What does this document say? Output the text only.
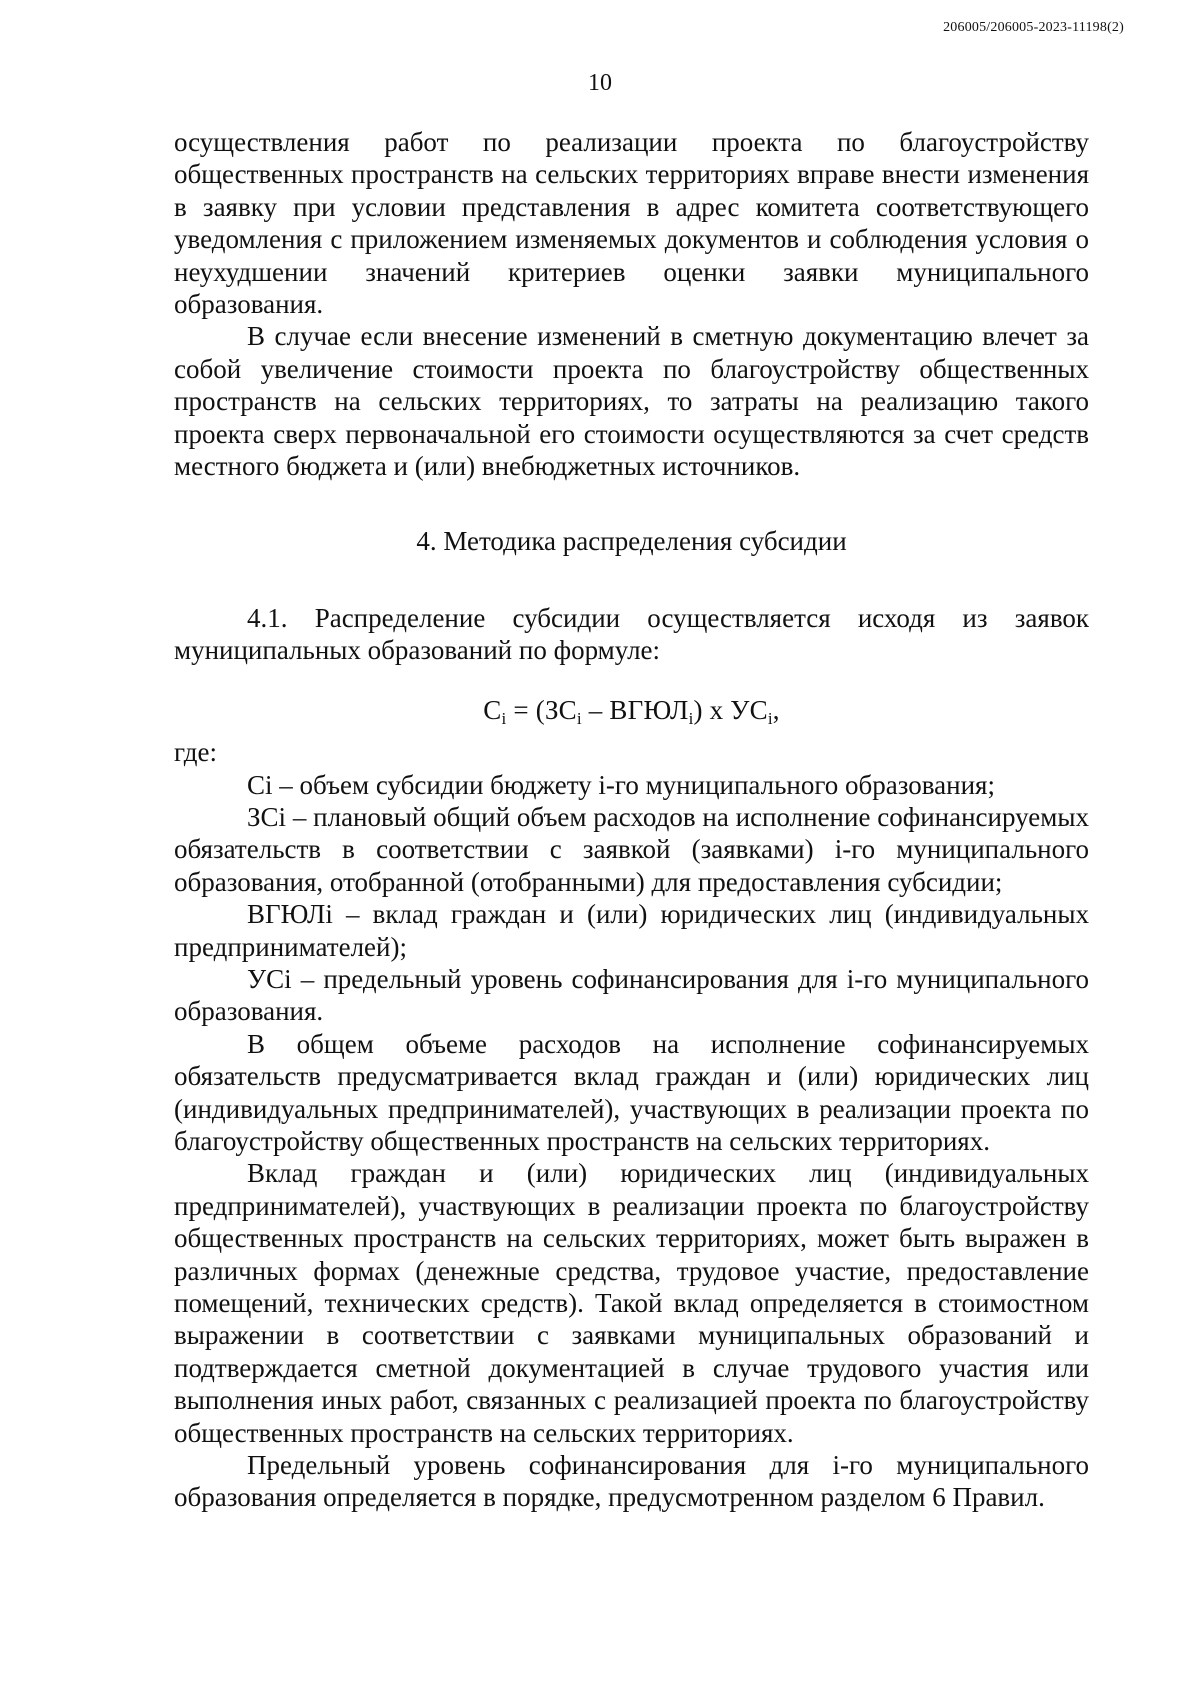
206005/206005-2023-11198(2)
10

осуществления работ по реализации проекта по благоустройству общественных пространств на сельских территориях вправе внести изменения в заявку при условии представления в адрес комитета соответствующего уведомления с приложением изменяемых документов и соблюдения условия о неухудшении значений критериев оценки заявки муниципального образования.

В случае если внесение изменений в сметную документацию влечет за собой увеличение стоимости проекта по благоустройству общественных пространств на сельских территориях, то затраты на реализацию такого проекта сверх первоначальной его стоимости осуществляются за счет средств местного бюджета и (или) внебюджетных источников.

4. Методика распределения субсидии

4.1. Распределение субсидии осуществляется исходя из заявок муниципальных образований по формуле:

$C_i = (ЗС_i$ – $ВГЮЛ_i$) х $УС_i$,

где:

Сi – объем субсидии бюджету i-го муниципального образования;

ЗСi – плановый общий объем расходов на исполнение софинансируемых обязательств в соответствии с заявкой (заявками) i-го муниципального образования, отобранной (отобранными) для предоставления субсидии;

ВГЮЛi – вклад граждан и (или) юридических лиц (индивидуальных предпринимателей);

УСi – предельный уровень софинансирования для i-го муниципального образования.

В общем объеме расходов на исполнение софинансируемых обязательств предусматривается вклад граждан и (или) юридических лиц (индивидуальных предпринимателей), участвующих в реализации проекта по благоустройству общественных пространств на сельских территориях.

Вклад граждан и (или) юридических лиц (индивидуальных предпринимателей), участвующих в реализации проекта по благоустройству общественных пространств на сельских территориях, может быть выражен в различных формах (денежные средства, трудовое участие, предоставление помещений, технических средств). Такой вклад определяется в стоимостном выражении в соответствии с заявками муниципальных образований и подтверждается сметной документацией в случае трудового участия или выполнения иных работ, связанных с реализацией проекта по благоустройству общественных пространств на сельских территориях.

Предельный уровень софинансирования для i-го муниципального образования определяется в порядке, предусмотренном разделом 6 Правил.
